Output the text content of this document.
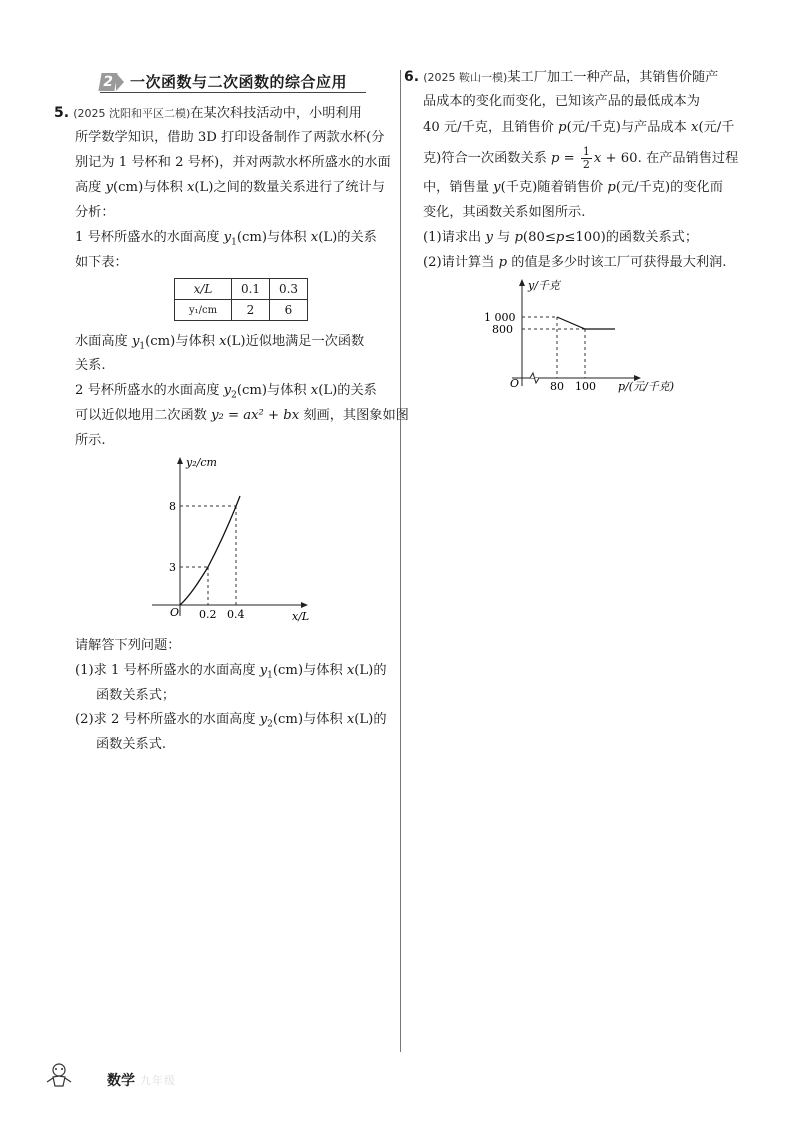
2 一次函数与二次函数的综合应用
5. (2025 沈阳和平区二模)在某次科技活动中，小明利用
所学数学知识，借助 3D 打印设备制作了两款水杯(分
别记为 1 号杯和 2 号杯)，并对两款水杯所盛水的水面
高度 y(cm)与体积 x(L)之间的数量关系进行了统计与
分析：
1 号杯所盛水的水面高度 $y_1(cm)$与体积 x(L)的关系
如下表：
x/L	0.1	0.3
y₁/cm	2	6
水面高度 $y_1(cm)$与体积 x(L)近似地满足一次函数
关系.
2 号杯所盛水的水面高度 $y_2(cm)$与体积 x(L)的关系
可以近似地用二次函数 y₂ = ax² + bx 刻画，其图象如图
所示.
y₂/cm
x/L
O
8
3
0.2 0.4
请解答下列问题：
(1)求 1 号杯所盛水的水面高度 $y_1(cm)$与体积 x(L)的
函数关系式；
(2)求 2 号杯所盛水的水面高度 $y_2(cm)$与体积 x(L)的
函数关系式.
6. (2025 鞍山一模)某工厂加工一种产品，其销售价随产
品成本的变化而变化，已知该产品的最低成本为
40 元/千克，且销售价 p(元/千克)与产品成本 x(元/千
克)符合一次函数关系 $p = \frac{1}{2}$ x + 60. 在产品销售过程
中，销售量 y(千克)随着销售价 p(元/千克)的变化而
变化，其函数关系如图所示.
(1)请求出 y 与 p(80≤p≤100)的函数关系式；
(2)请计算当 p 的值是多少时该工厂可获得最大利润.
y/千克
p/(元/千克)
O
1 000
800
80 100
数学 九年级
